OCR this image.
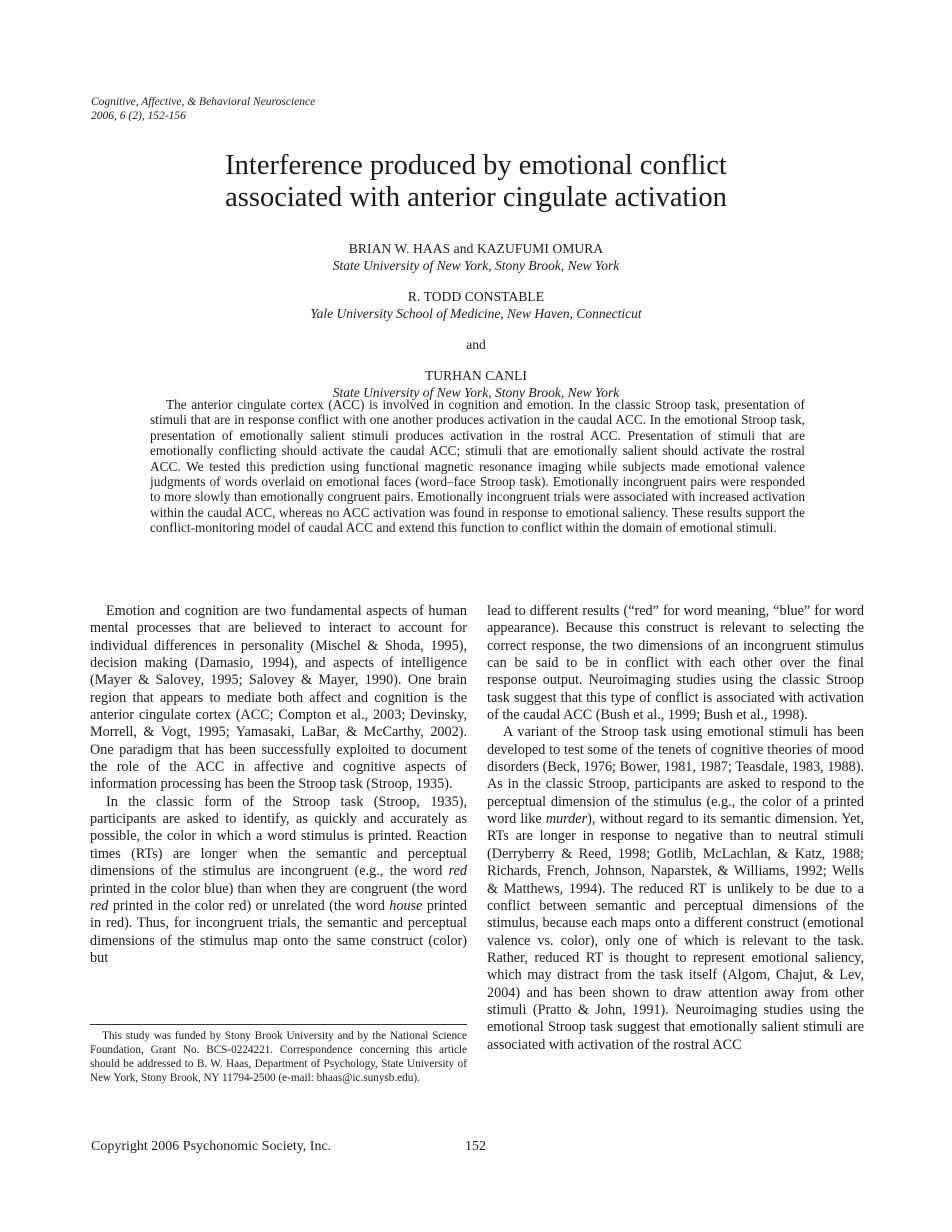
Cognitive, Affective, & Behavioral Neuroscience
2006, 6 (2), 152-156
Interference produced by emotional conflict
associated with anterior cingulate activation
BRIAN W. HAAS and KAZUFUMI OMURA
State University of New York, Stony Brook, New York
R. TODD CONSTABLE
Yale University School of Medicine, New Haven, Connecticut
and
TURHAN CANLI
State University of New York, Stony Brook, New York

The anterior cingulate cortex (ACC) is involved in cognition and emotion. In the classic Stroop task, presentation of stimuli that are in response conflict with one another produces activation in the caudal ACC. In the emotional Stroop task, presentation of emotionally salient stimuli produces activation in the rostral ACC. Presentation of stimuli that are emotionally conflicting should activate the caudal ACC; stimuli that are emotionally salient should activate the rostral ACC. We tested this prediction using functional magnetic resonance imaging while subjects made emotional valence judgments of words overlaid on emotional faces (word–face Stroop task). Emotionally incongruent pairs were responded to more slowly than emotionally congruent pairs. Emotionally incongruent trials were associated with increased activation within the caudal ACC, whereas no ACC activation was found in response to emotional saliency. These results support the conflict-monitoring model of caudal ACC and extend this function to conflict within the domain of emotional stimuli.

Emotion and cognition are two fundamental aspects of human mental processes that are believed to interact to account for individual differences in personality (Mischel & Shoda, 1995), decision making (Damasio, 1994), and aspects of intelligence (Mayer & Salovey, 1995; Salovey & Mayer, 1990). One brain region that appears to mediate both affect and cognition is the anterior cingulate cortex (ACC; Compton et al., 2003; Devinsky, Morrell, & Vogt, 1995; Yamasaki, LaBar, & McCarthy, 2002). One paradigm that has been successfully exploited to document the role of the ACC in affective and cognitive aspects of information processing has been the Stroop task (Stroop, 1935).

In the classic form of the Stroop task (Stroop, 1935), participants are asked to identify, as quickly and accurately as possible, the color in which a word stimulus is printed. Reaction times (RTs) are longer when the semantic and perceptual dimensions of the stimulus are incongruent (e.g., the word red printed in the color blue) than when they are congruent (the word red printed in the color red) or unrelated (the word house printed in red). Thus, for incongruent trials, the semantic and perceptual dimensions of the stimulus map onto the same construct (color) but

lead to different results (“red” for word meaning, “blue” for word appearance). Because this construct is relevant to selecting the correct response, the two dimensions of an incongruent stimulus can be said to be in conflict with each other over the final response output. Neuroimaging studies using the classic Stroop task suggest that this type of conflict is associated with activation of the caudal ACC (Bush et al., 1999; Bush et al., 1998).

A variant of the Stroop task using emotional stimuli has been developed to test some of the tenets of cognitive theories of mood disorders (Beck, 1976; Bower, 1981, 1987; Teasdale, 1983, 1988). As in the classic Stroop, participants are asked to respond to the perceptual dimension of the stimulus (e.g., the color of a printed word like murder), without regard to its semantic dimension. Yet, RTs are longer in response to negative than to neutral stimuli (Derryberry & Reed, 1998; Gotlib, McLachlan, & Katz, 1988; Richards, French, Johnson, Naparstek, & Williams, 1992; Wells & Matthews, 1994). The reduced RT is unlikely to be due to a conflict between semantic and perceptual dimensions of the stimulus, because each maps onto a different construct (emotional valence vs. color), only one of which is relevant to the task. Rather, reduced RT is thought to represent emotional saliency, which may distract from the task itself (Algom, Chajut, & Lev, 2004) and has been shown to draw attention away from other stimuli (Pratto & John, 1991). Neuroimaging studies using the emotional Stroop task suggest that emotionally salient stimuli are associated with activation of the rostral ACC

This study was funded by Stony Brook University and by the National Science Foundation, Grant No. BCS-0224221. Correspondence concerning this article should be addressed to B. W. Haas, Department of Psychology, State University of New York, Stony Brook, NY 11794-2500 (e-mail: bhaas@ic.sunysb.edu).

Copyright 2006 Psychonomic Society, Inc.	152
